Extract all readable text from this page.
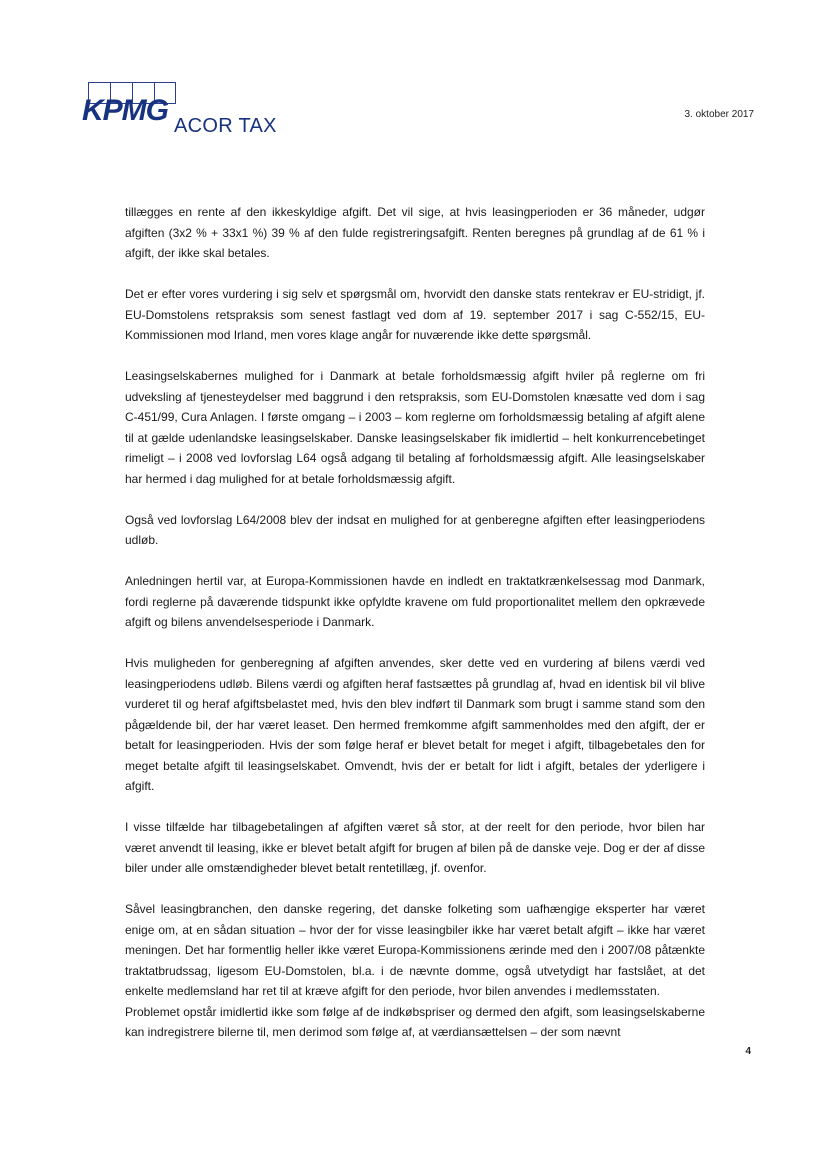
KPMG ACOR TAX
3. oktober 2017

tillægges en rente af den ikkeskyldige afgift. Det vil sige, at hvis leasingperioden er 36 måneder, udgør afgiften (3x2 % + 33x1 %) 39 % af den fulde registreringsafgift. Renten beregnes på grundlag af de 61 % i afgift, der ikke skal betales.

Det er efter vores vurdering i sig selv et spørgsmål om, hvorvidt den danske stats rentekrav er EU-stridigt, jf. EU-Domstolens retspraksis som senest fastlagt ved dom af 19. september 2017 i sag C-552/15, EU-Kommissionen mod Irland, men vores klage angår for nuværende ikke dette spørgsmål.

Leasingselskabernes mulighed for i Danmark at betale forholdsmæssig afgift hviler på reglerne om fri udveksling af tjenesteydelser med baggrund i den retspraksis, som EU-Domstolen knæsatte ved dom i sag C-451/99, Cura Anlagen. I første omgang – i 2003 – kom reglerne om forholdsmæssig betaling af afgift alene til at gælde udenlandske leasingselskaber. Danske leasingselskaber fik imidlertid – helt konkurrencebetinget rimeligt – i 2008 ved lovforslag L64 også adgang til betaling af forholdsmæssig afgift. Alle leasingselskaber har hermed i dag mulighed for at betale forholdsmæssig afgift.

Også ved lovforslag L64/2008 blev der indsat en mulighed for at genberegne afgiften efter leasingperiodens udløb.

Anledningen hertil var, at Europa-Kommissionen havde en indledt en traktatkrænkelsessag mod Danmark, fordi reglerne på daværende tidspunkt ikke opfyldte kravene om fuld proportionalitet mellem den opkrævede afgift og bilens anvendelsesperiode i Danmark.

Hvis muligheden for genberegning af afgiften anvendes, sker dette ved en vurdering af bilens værdi ved leasingperiodens udløb. Bilens værdi og afgiften heraf fastsættes på grundlag af, hvad en identisk bil vil blive vurderet til og heraf afgiftsbelastet med, hvis den blev indført til Danmark som brugt i samme stand som den pågældende bil, der har været leaset. Den hermed fremkomme afgift sammenholdes med den afgift, der er betalt for leasingperioden. Hvis der som følge heraf er blevet betalt for meget i afgift, tilbagebetales den for meget betalte afgift til leasingselskabet. Omvendt, hvis der er betalt for lidt i afgift, betales der yderligere i afgift.

I visse tilfælde har tilbagebetalingen af afgiften været så stor, at der reelt for den periode, hvor bilen har været anvendt til leasing, ikke er blevet betalt afgift for brugen af bilen på de danske veje. Dog er der af disse biler under alle omstændigheder blevet betalt rentetillæg, jf. ovenfor.

Såvel leasingbranchen, den danske regering, det danske folketing som uafhængige eksperter har været enige om, at en sådan situation – hvor der for visse leasingbiler ikke har været betalt afgift – ikke har været meningen. Det har formentlig heller ikke været Europa-Kommissionens ærinde med den i 2007/08 påtænkte traktatbrudssag, ligesom EU-Domstolen, bl.a. i de nævnte domme, også utvetydigt har fastslået, at det enkelte medlemsland har ret til at kræve afgift for den periode, hvor bilen anvendes i medlemsstaten.

Problemet opstår imidlertid ikke som følge af de indkøbspriser og dermed den afgift, som leasingselskaberne kan indregistrere bilerne til, men derimod som følge af, at værdiansættelsen – der som nævnt

4
